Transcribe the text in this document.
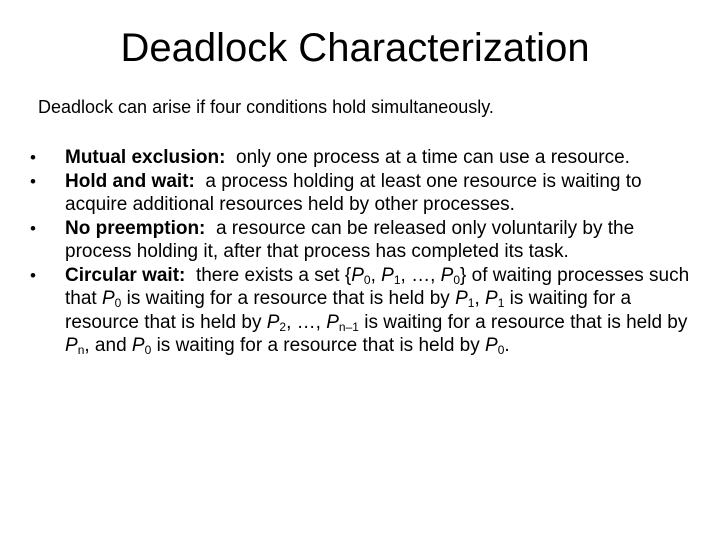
Deadlock Characterization
Deadlock can arise if four conditions hold simultaneously.
•	Mutual exclusion: only one process at a time can use a resource.
•	Hold and wait: a process holding at least one resource is waiting to acquire additional resources held by other processes.
•	No preemption: a resource can be released only voluntarily by the process holding it, after that process has completed its task.
•	Circular wait: there exists a set {$P_0$, $P_1$, …, $P_0$} of waiting processes such that $P_0$ is waiting for a resource that is held by $P_1$, $P_1$ is waiting for a resource that is held by $P_2$, …, $P_{n-1}$ is waiting for a resource that is held by
$P_n$, and $P_0$ is waiting for a resource that is held by $P_0$.
